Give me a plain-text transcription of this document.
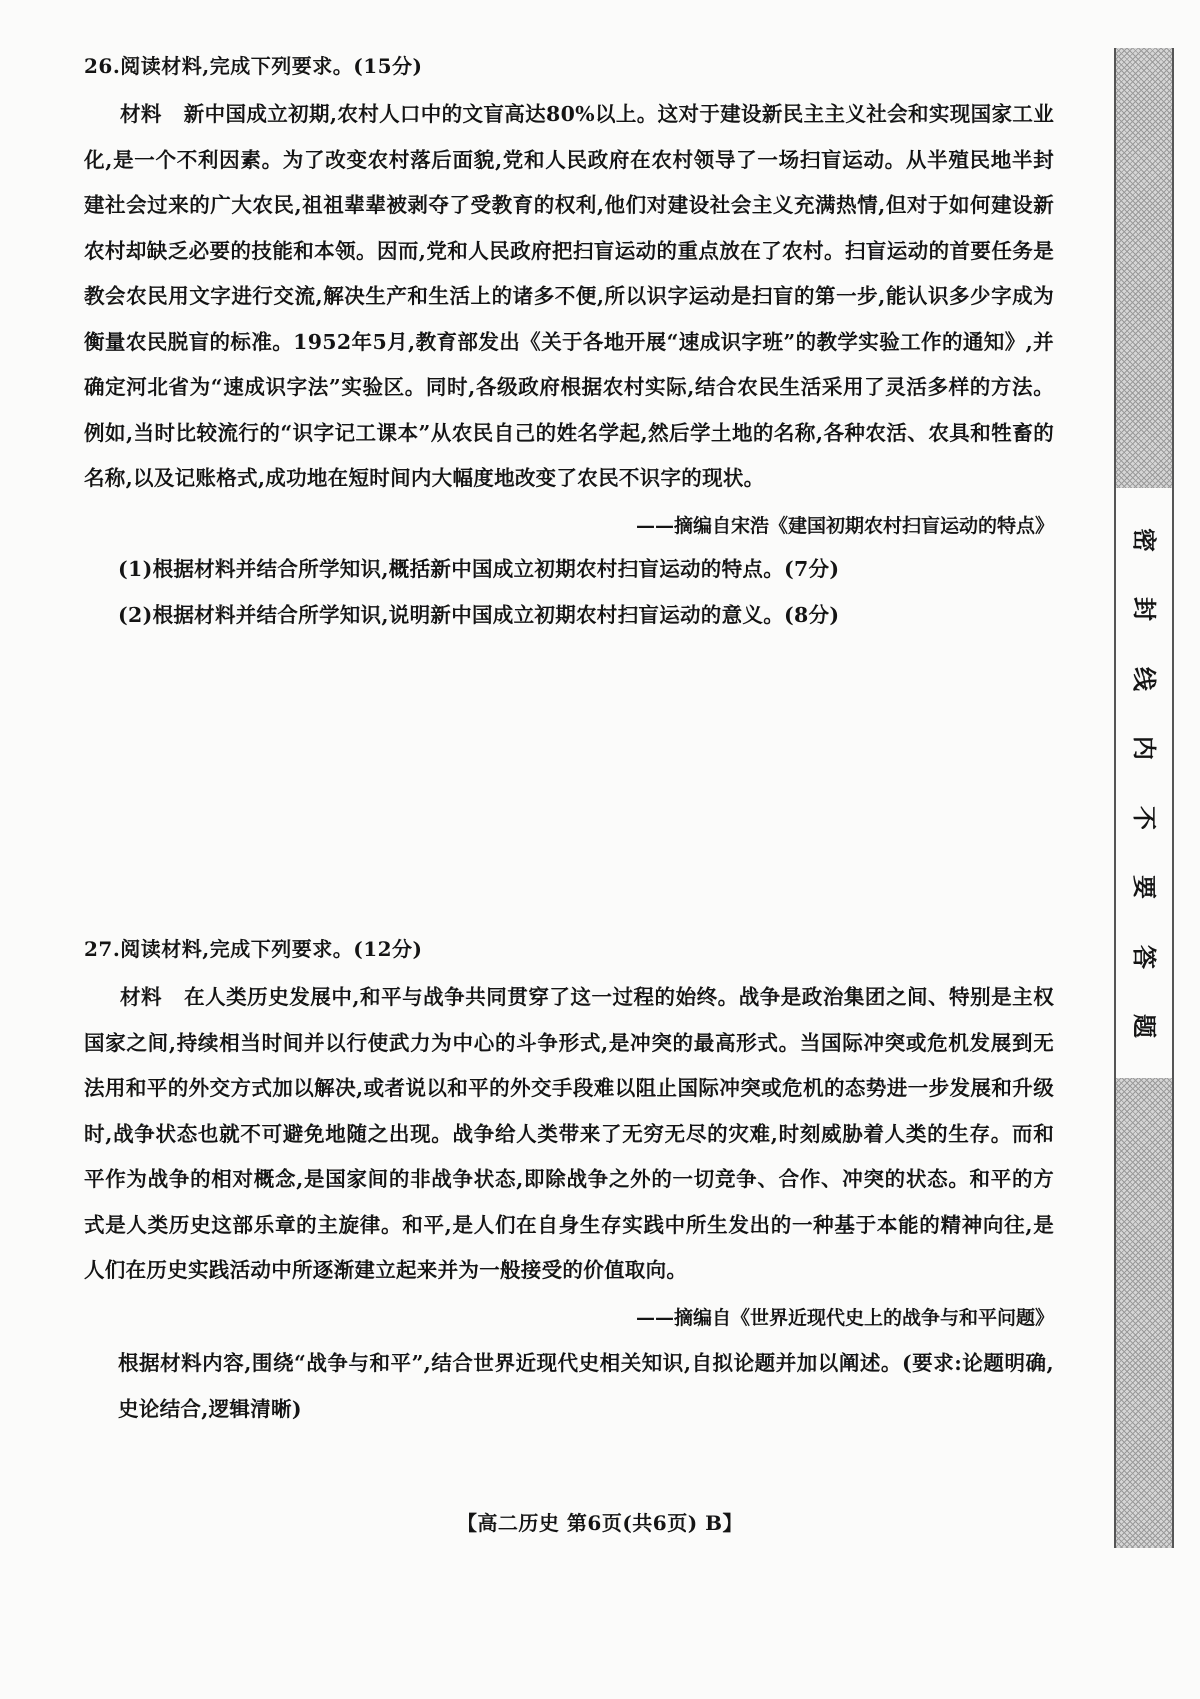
26.阅读材料,完成下列要求。(15分)

材料 新中国成立初期,农村人口中的文盲高达80%以上。这对于建设新民主主义社会和实现国家工业化,是一个不利因素。为了改变农村落后面貌,党和人民政府在农村领导了一场扫盲运动。从半殖民地半封建社会过来的广大农民,祖祖辈辈被剥夺了受教育的权利,他们对建设社会主义充满热情,但对于如何建设新农村却缺乏必要的技能和本领。因而,党和人民政府把扫盲运动的重点放在了农村。扫盲运动的首要任务是教会农民用文字进行交流,解决生产和生活上的诸多不便,所以识字运动是扫盲的第一步,能认识多少字成为衡量农民脱盲的标准。1952年5月,教育部发出《关于各地开展“速成识字班”的教学实验工作的通知》,并确定河北省为“速成识字法”实验区。同时,各级政府根据农村实际,结合农民生活采用了灵活多样的方法。例如,当时比较流行的“识字记工课本”从农民自己的姓名学起,然后学土地的名称,各种农活、农具和牲畜的名称,以及记账格式,成功地在短时间内大幅度地改变了农民不识字的现状。

——摘编自宋浩《建国初期农村扫盲运动的特点》
(1)根据材料并结合所学知识,概括新中国成立初期农村扫盲运动的特点。(7分)
(2)根据材料并结合所学知识,说明新中国成立初期农村扫盲运动的意义。(8分)
27.阅读材料,完成下列要求。(12分)

材料 在人类历史发展中,和平与战争共同贯穿了这一过程的始终。战争是政治集团之间、特别是主权国家之间,持续相当时间并以行使武力为中心的斗争形式,是冲突的最高形式。当国际冲突或危机发展到无法用和平的外交方式加以解决,或者说以和平的外交手段难以阻止国际冲突或危机的态势进一步发展和升级时,战争状态也就不可避免地随之出现。战争给人类带来了无穷无尽的灾难,时刻威胁着人类的生存。而和平作为战争的相对概念,是国家间的非战争状态,即除战争之外的一切竞争、合作、冲突的状态。和平的方式是人类历史这部乐章的主旋律。和平,是人们在自身生存实践中所生发出的一种基于本能的精神向往,是人们在历史实践活动中所逐渐建立起来并为一般接受的价值取向。

——摘编自《世界近现代史上的战争与和平问题》
根据材料内容,围绕“战争与和平”,结合世界近现代史相关知识,自拟论题并加以阐述。(要求:论题明确,史论结合,逻辑清晰)
【高二历史 第6页(共6页) B】
密
封
线
内
不
要
答
题
